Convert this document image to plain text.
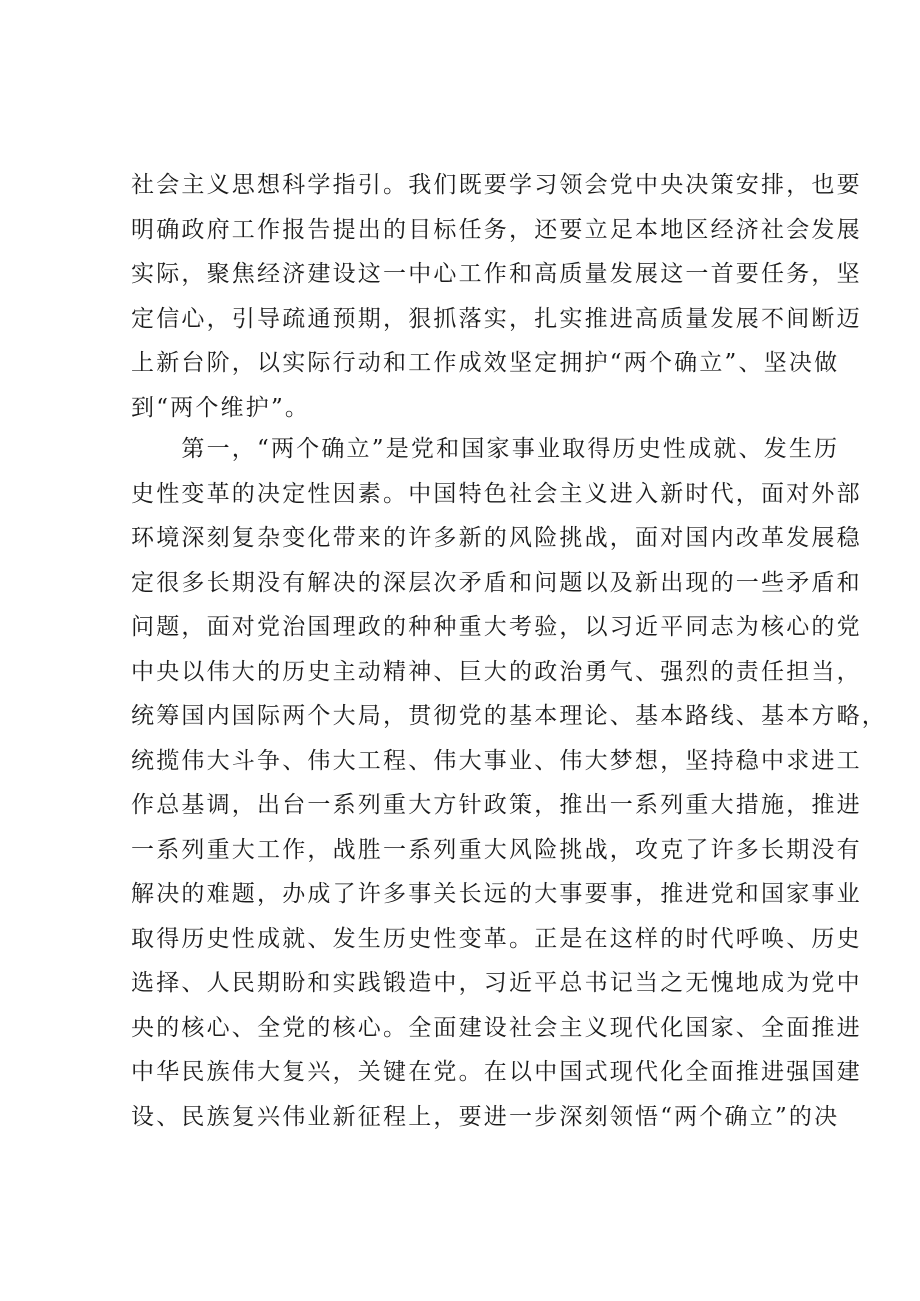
社会主义思想科学指引。我们既要学习领会党中央决策安排，也要
明确政府工作报告提出的目标任务，还要立足本地区经济社会发展
实际，聚焦经济建设这一中心工作和高质量发展这一首要任务，坚
定信心，引导疏通预期，狠抓落实，扎实推进高质量发展不间断迈
上新台阶，以实际行动和工作成效坚定拥护“两个确立”、坚决做
到“两个维护”。
　　第一，“两个确立”是党和国家事业取得历史性成就、发生历
史性变革的决定性因素。中国特色社会主义进入新时代，面对外部
环境深刻复杂变化带来的许多新的风险挑战，面对国内改革发展稳
定很多长期没有解决的深层次矛盾和问题以及新出现的一些矛盾和
问题，面对党治国理政的种种重大考验，以习近平同志为核心的党
中央以伟大的历史主动精神、巨大的政治勇气、强烈的责任担当，
统筹国内国际两个大局，贯彻党的基本理论、基本路线、基本方略，
统揽伟大斗争、伟大工程、伟大事业、伟大梦想，坚持稳中求进工
作总基调，出台一系列重大方针政策，推出一系列重大措施，推进
一系列重大工作，战胜一系列重大风险挑战，攻克了许多长期没有
解决的难题，办成了许多事关长远的大事要事，推进党和国家事业
取得历史性成就、发生历史性变革。正是在这样的时代呼唤、历史
选择、人民期盼和实践锻造中，习近平总书记当之无愧地成为党中
央的核心、全党的核心。全面建设社会主义现代化国家、全面推进
中华民族伟大复兴，关键在党。在以中国式现代化全面推进强国建
设、民族复兴伟业新征程上，要进一步深刻领悟“两个确立”的决
